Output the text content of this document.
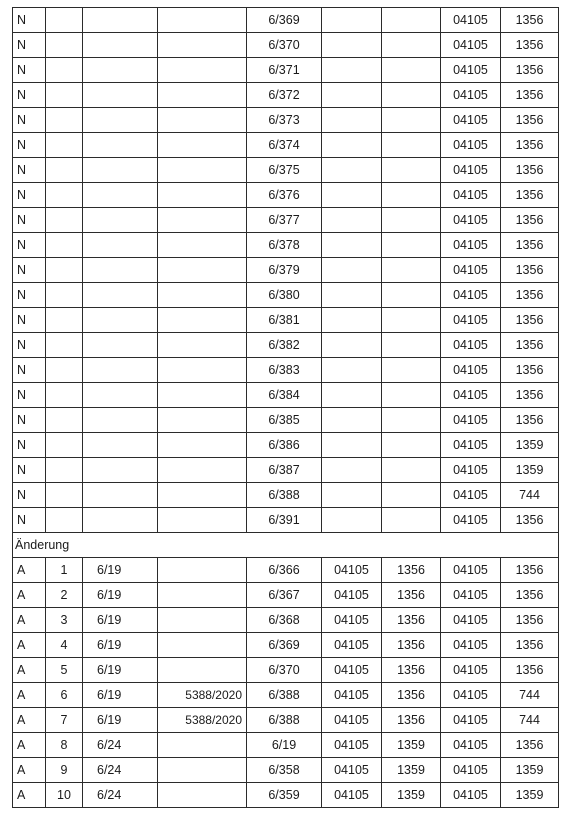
N				6/369			04105	1356
N				6/370			04105	1356
N				6/371			04105	1356
N				6/372			04105	1356
N				6/373			04105	1356
N				6/374			04105	1356
N				6/375			04105	1356
N				6/376			04105	1356
N				6/377			04105	1356
N				6/378			04105	1356
N				6/379			04105	1356
N				6/380			04105	1356
N				6/381			04105	1356
N				6/382			04105	1356
N				6/383			04105	1356
N				6/384			04105	1356
N				6/385			04105	1356
N				6/386			04105	1359
N				6/387			04105	1359
N				6/388			04105	744
N				6/391			04105	1356
Änderung								
A	1	6/19		6/366	04105	1356	04105	1356
A	2	6/19		6/367	04105	1356	04105	1356
A	3	6/19		6/368	04105	1356	04105	1356
A	4	6/19		6/369	04105	1356	04105	1356
A	5	6/19		6/370	04105	1356	04105	1356
A	6	6/19	5388/2020	6/388	04105	1356	04105	744
A	7	6/19	5388/2020	6/388	04105	1356	04105	744
A	8	6/24		6/19	04105	1359	04105	1356
A	9	6/24		6/358	04105	1359	04105	1359
A	10	6/24		6/359	04105	1359	04105	1359
